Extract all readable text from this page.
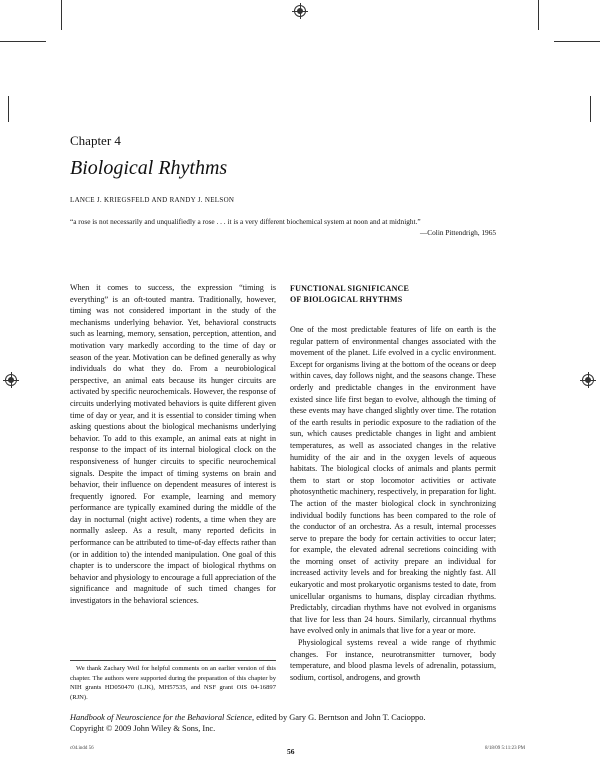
Chapter 4
Biological Rhythms
LANCE J. KRIEGSFELD AND RANDY J. NELSON
“a rose is not necessarily and unqualifiedly a rose . . . it is a very different biochemical system at noon and at midnight.”
—Colin Pittendrigh, 1965

When it comes to success, the expression “timing is everything” is an oft-touted mantra. Traditionally, however, timing was not considered important in the study of the mechanisms underlying behavior. Yet, behavioral constructs such as learning, memory, sensation, perception, attention, and motivation vary markedly according to the time of day or season of the year. Motivation can be defined generally as why individuals do what they do. From a neurobiological perspective, an animal eats because its hunger circuits are activated by specific neurochemicals. However, the response of circuits underlying motivated behaviors is quite different given time of day or year, and it is essential to consider timing when asking questions about the biological mechanisms underlying behavior. To add to this example, an animal eats at night in response to the impact of its internal biological clock on the responsiveness of hunger circuits to specific neurochemical signals. Despite the impact of timing systems on brain and behavior, their influence on dependent measures of interest is frequently ignored. For example, learning and memory performance are typically examined during the middle of the day in nocturnal (night active) rodents, a time when they are normally asleep. As a result, many reported deficits in performance can be attributed to time-of-day effects rather than (or in addition to) the intended manipulation. One goal of this chapter is to underscore the impact of biological rhythms on behavior and physiology to encourage a full appreciation of the significance and magnitude of such timed changes for investigators in the behavioral sciences.

FUNCTIONAL SIGNIFICANCE
OF BIOLOGICAL RHYTHMS

One of the most predictable features of life on earth is the regular pattern of environmental changes associated with the movement of the planet. Life evolved in a cyclic environment. Except for organisms living at the bottom of the oceans or deep within caves, day follows night, and the seasons change. These orderly and predictable changes in the environment have existed since life first began to evolve, although the timing of these events may have changed slightly over time. The rotation of the earth results in periodic exposure to the radiation of the sun, which causes predictable changes in light and ambient temperatures, as well as associated changes in the relative humidity of the air and in the oxygen levels of aqueous habitats. The biological clocks of animals and plants permit them to start or stop locomotor activities or activate photosynthetic machinery, respectively, in preparation for light. The action of the master biological clock in synchronizing individual bodily functions has been compared to the role of the conductor of an orchestra. As a result, internal processes serve to prepare the body for certain activities to occur later; for example, the elevated adrenal secretions coinciding with the morning onset of activity prepare an individual for increased activity levels and for breaking the nightly fast. All eukaryotic and most prokaryotic organisms tested to date, from unicellular organisms to humans, display circadian rhythms. Predictably, circadian rhythms have not evolved in organisms that live for less than 24 hours. Similarly, circannual rhythms have evolved only in animals that live for a year or more.

Physiological systems reveal a wide range of rhythmic changes. For instance, neurotransmitter turnover, body temperature, and blood plasma levels of adrenalin, potassium, sodium, cortisol, androgens, and growth

We thank Zachary Weil for helpful comments on an earlier version of this chapter. The authors were supported during the preparation of this chapter by NIH grants HD050470 (LJK), MH57535, and NSF grant OIS 04-16897 (RJN).

56
Handbook of Neuroscience for the Behavioral Science, edited by Gary G. Berntson and John T. Cacioppo.
Copyright © 2009 John Wiley & Sons, Inc.
c04.indd 56	8/18/09 5:11:23 PM
